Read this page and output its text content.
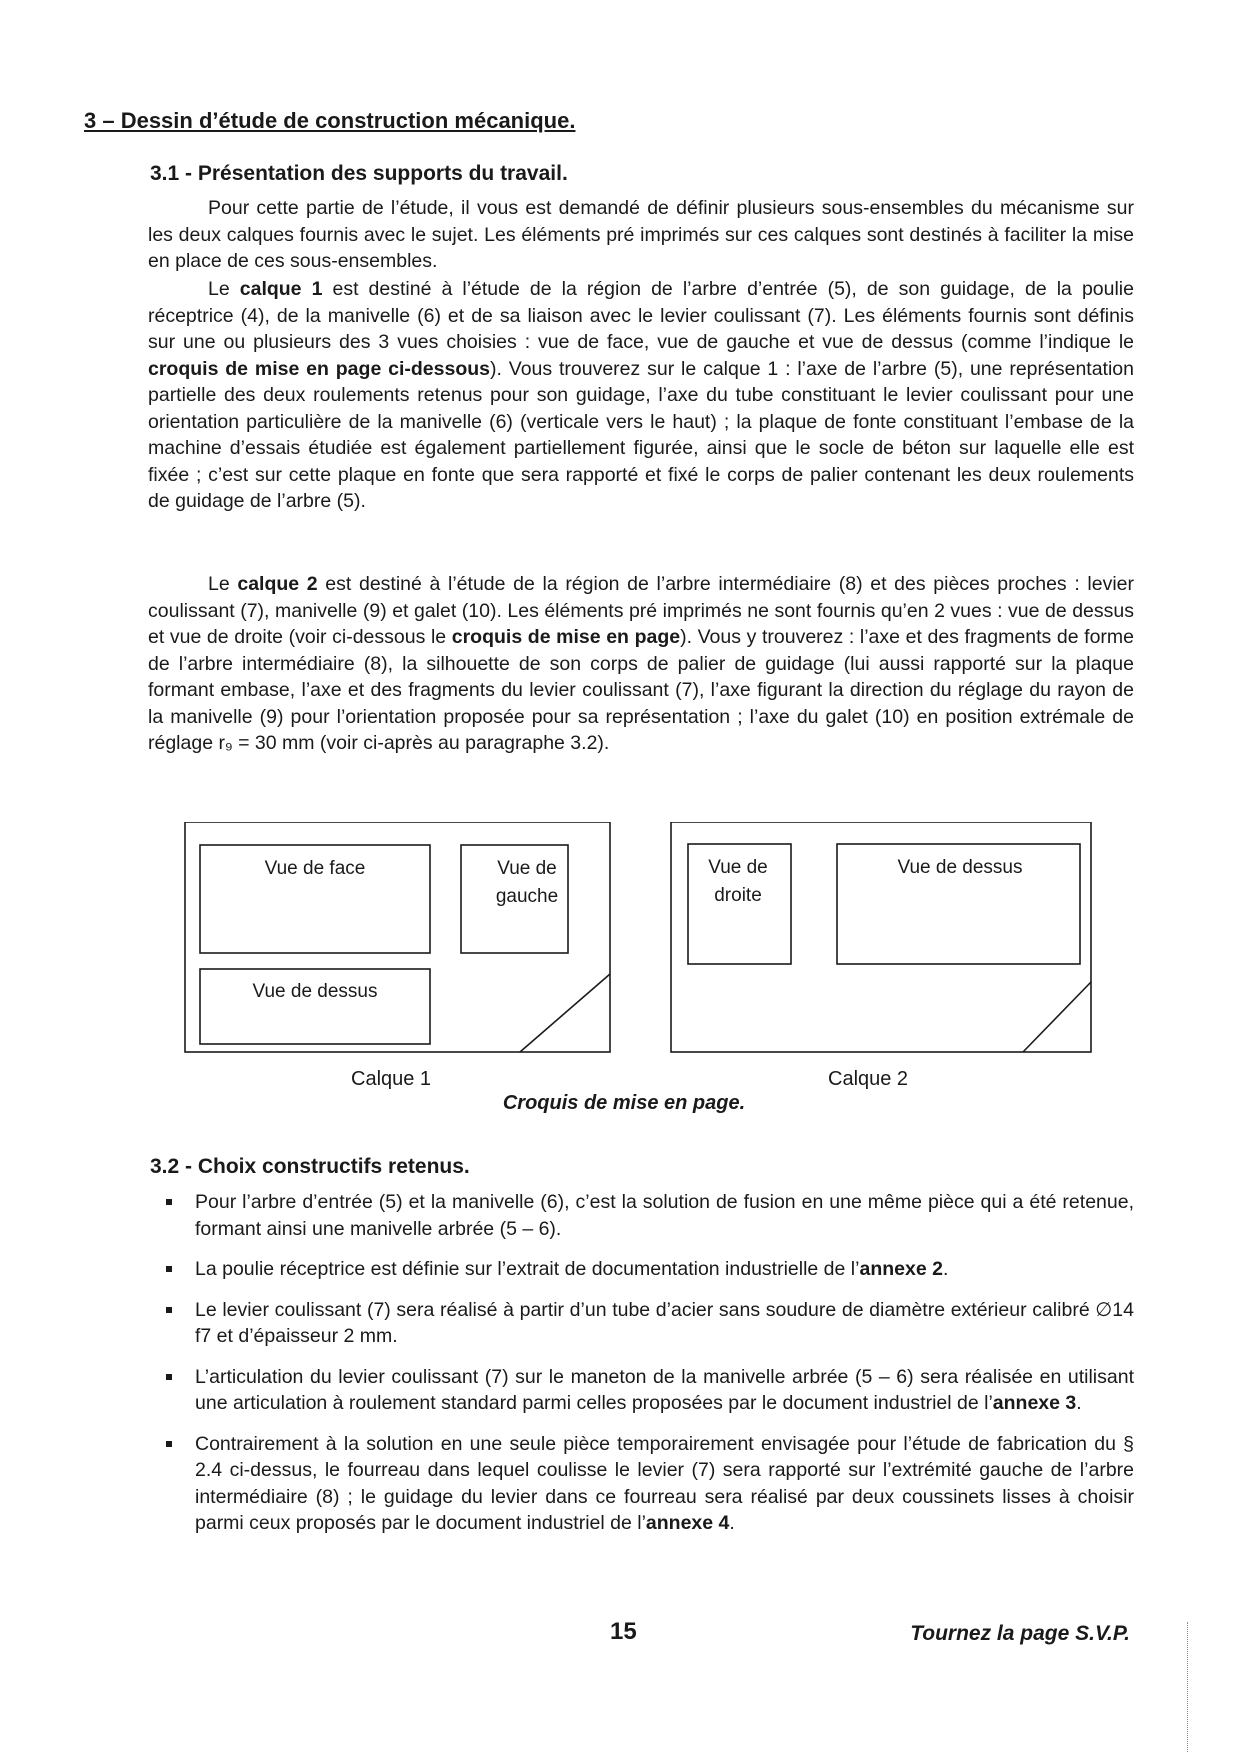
3 – Dessin d’étude de construction mécanique.
3.1 - Présentation des supports du travail.

Pour cette partie de l’étude, il vous est demandé de définir plusieurs sous-ensembles du mécanisme sur les deux calques fournis avec le sujet. Les éléments pré imprimés sur ces calques sont destinés à faciliter la mise en place de ces sous-ensembles.

Le calque 1 est destiné à l’étude de la région de l’arbre d’entrée (5), de son guidage, de la poulie réceptrice (4), de la manivelle (6) et de sa liaison avec le levier coulissant (7). Les éléments fournis sont définis sur une ou plusieurs des 3 vues choisies : vue de face, vue de gauche et vue de dessus (comme l’indique le croquis de mise en page ci-dessous). Vous trouverez sur le calque 1 : l’axe de l’arbre (5), une représentation partielle des deux roulements retenus pour son guidage, l’axe du tube constituant le levier coulissant pour une orientation particulière de la manivelle (6) (verticale vers le haut) ; la plaque de fonte constituant l’embase de la machine d’essais étudiée est également partiellement figurée, ainsi que le socle de béton sur laquelle elle est fixée ; c’est sur cette plaque en fonte que sera rapporté et fixé le corps de palier contenant les deux roulements de guidage de l’arbre (5).

Le calque 2 est destiné à l’étude de la région de l’arbre intermédiaire (8) et des pièces proches : levier coulissant (7), manivelle (9) et galet (10). Les éléments pré imprimés ne sont fournis qu’en 2 vues : vue de dessus et vue de droite (voir ci-dessous le croquis de mise en page). Vous y trouverez : l’axe et des fragments de forme de l’arbre intermédiaire (8), la silhouette de son corps de palier de guidage (lui aussi rapporté sur la plaque formant embase, l’axe et des fragments du levier coulissant (7), l’axe figurant la direction du réglage du rayon de la manivelle (9) pour l’orientation proposée pour sa représentation ; l’axe du galet (10) en position extrémale de réglage r₉ = 30 mm (voir ci-après au paragraphe 3.2).

Vue de face	Vue de
gauche
Vue de dessus
Vue de
droite
Vue de dessus
Calque 1	Calque 2
Croquis de mise en page.
3.2 - Choix constructifs retenus.
Pour l’arbre d’entrée (5) et la manivelle (6), c’est la solution de fusion en une même pièce qui a été retenue, formant ainsi une manivelle arbrée (5 – 6).
La poulie réceptrice est définie sur l’extrait de documentation industrielle de l’annexe 2.
Le levier coulissant (7) sera réalisé à partir d’un tube d’acier sans soudure de diamètre extérieur calibré ∅14 f7 et d’épaisseur 2 mm.
L’articulation du levier coulissant (7) sur le maneton de la manivelle arbrée (5 – 6) sera réalisée en utilisant une articulation à roulement standard parmi celles proposées par le document industriel de l’annexe 3.
Contrairement à la solution en une seule pièce temporairement envisagée pour l’étude de fabrication du § 2.4 ci-dessus, le fourreau dans lequel coulisse le levier (7) sera rapporté sur l’extrémité gauche de l’arbre intermédiaire (8) ; le guidage du levier dans ce fourreau sera réalisé par deux coussinets lisses à choisir parmi ceux proposés par le document industriel de l’annexe 4.
15	Tournez la page S.V.P.
